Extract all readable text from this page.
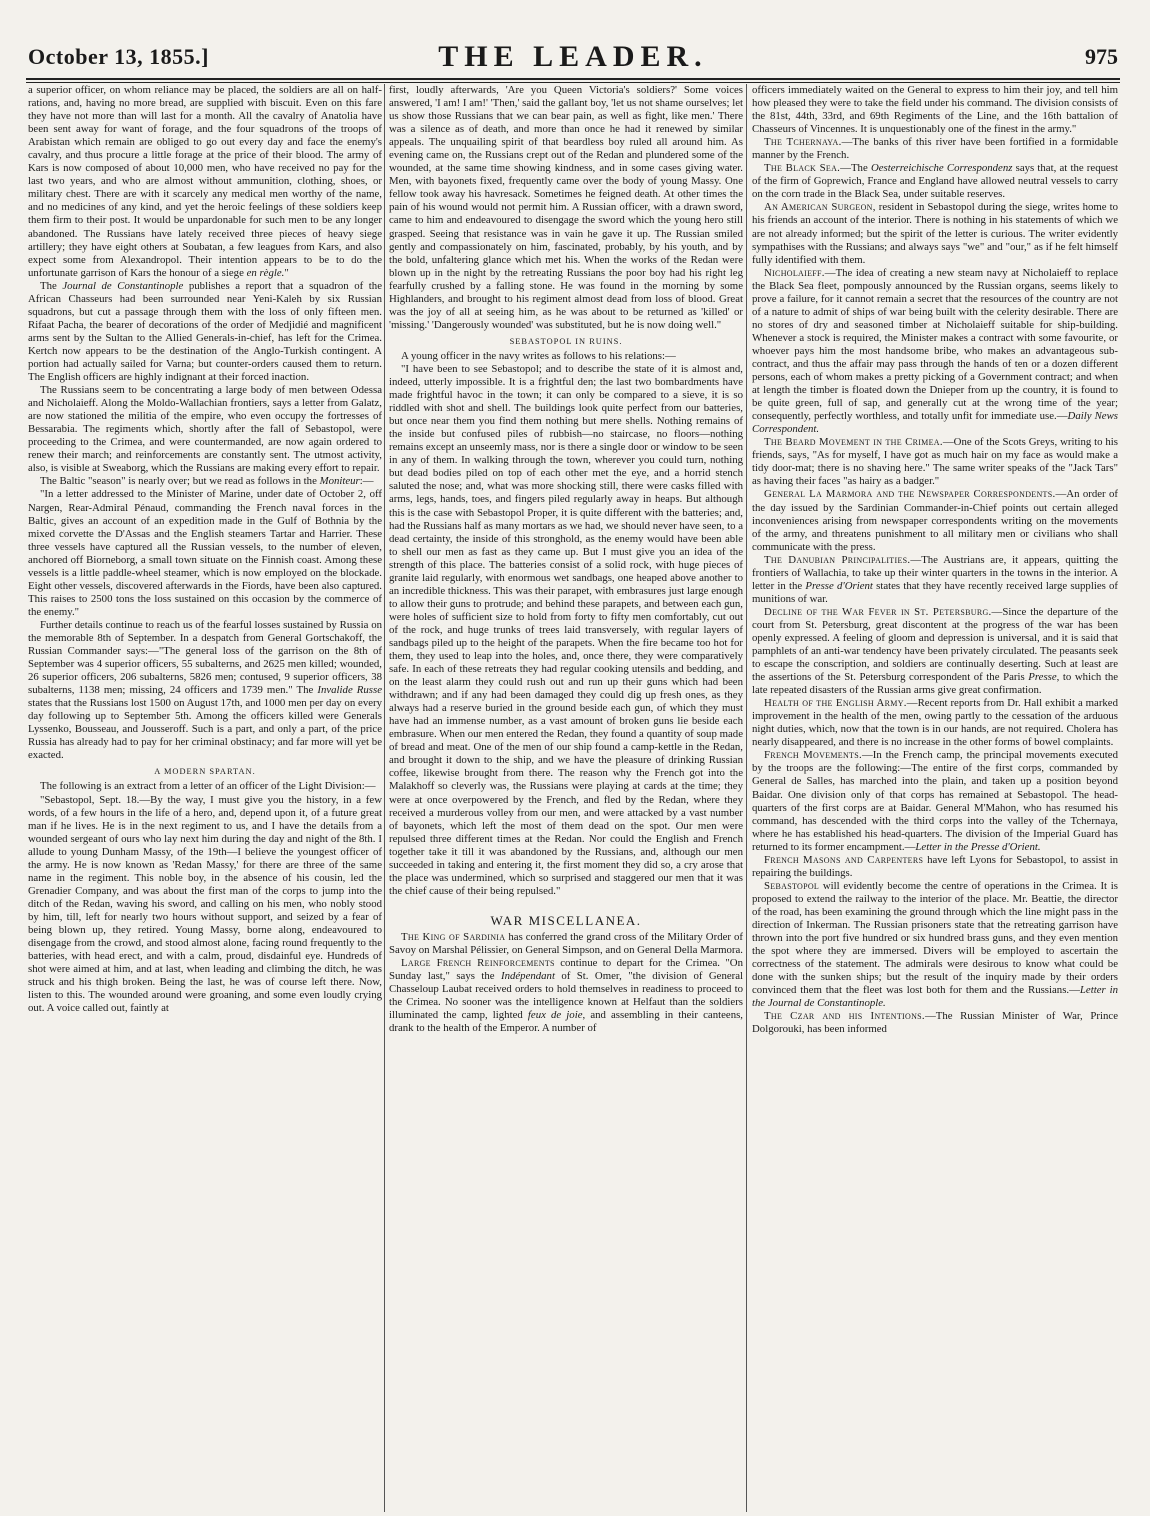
October 13, 1855.]	THE LEADER.	975

a superior officer, on whom reliance may be placed, the soldiers are all on half-rations, and, having no more bread, are supplied with biscuit. Even on this fare they have not more than will last for a month. All the cavalry of Anatolia have been sent away for want of forage, and the four squadrons of the troops of Arabistan which remain are obliged to go out every day and face the enemy's cavalry, and thus procure a little forage at the price of their blood. The army of Kars is now composed of about 10,000 men, who have received no pay for the last two years, and who are almost without ammunition, clothing, shoes, or military chest. There are with it scarcely any medical men worthy of the name, and no medicines of any kind, and yet the heroic feelings of these soldiers keep them firm to their post. It would be unpardonable for such men to be any longer abandoned. The Russians have lately received three pieces of heavy siege artillery; they have eight others at Soubatan, a few leagues from Kars, and also expect some from Alexandropol. Their intention appears to be to do the unfortunate garrison of Kars the honour of a siege en règle."

The Journal de Constantinople publishes a report that a squadron of the African Chasseurs had been surrounded near Yeni-Kaleh by six Russian squadrons, but cut a passage through them with the loss of only fifteen men. Rifaat Pacha, the bearer of decorations of the order of Medjidié and magnificent arms sent by the Sultan to the Allied Generals-in-chief, has left for the Crimea. Kertch now appears to be the destination of the Anglo-Turkish contingent. A portion had actually sailed for Varna; but counter-orders caused them to return. The English officers are highly indignant at their forced inaction.

The Russians seem to be concentrating a large body of men between Odessa and Nicholaieff. Along the Moldo-Wallachian frontiers, says a letter from Galatz, are now stationed the militia of the empire, who even occupy the fortresses of Bessarabia. The regiments which, shortly after the fall of Sebastopol, were proceeding to the Crimea, and were countermanded, are now again ordered to renew their march; and reinforcements are constantly sent. The utmost activity, also, is visible at Sweaborg, which the Russians are making every effort to repair.

The Baltic "season" is nearly over; but we read as follows in the Moniteur:—

"In a letter addressed to the Minister of Marine, under date of October 2, off Nargen, Rear-Admiral Pénaud, commanding the French naval forces in the Baltic, gives an account of an expedition made in the Gulf of Bothnia by the mixed corvette the D'Assas and the English steamers Tartar and Harrier. These three vessels have captured all the Russian vessels, to the number of eleven, anchored off Biorneborg, a small town situate on the Finnish coast. Among these vessels is a little paddle-wheel steamer, which is now employed on the blockade. Eight other vessels, discovered afterwards in the Fiords, have been also captured. This raises to 2500 tons the loss sustained on this occasion by the commerce of the enemy."

Further details continue to reach us of the fearful losses sustained by Russia on the memorable 8th of September. In a despatch from General Gortschakoff, the Russian Commander says:—"The general loss of the garrison on the 8th of September was 4 superior officers, 55 subalterns, and 2625 men killed; wounded, 26 superior officers, 206 subalterns, 5826 men; contused, 9 superior officers, 38 subalterns, 1138 men; missing, 24 officers and 1739 men." The Invalide Russe states that the Russians lost 1500 on August 17th, and 1000 men per day on every day following up to September 5th. Among the officers killed were Generals Lyssenko, Bousseau, and Jousseroff. Such is a part, and only a part, of the price Russia has already had to pay for her criminal obstinacy; and far more will yet be exacted.

A MODERN SPARTAN.

The following is an extract from a letter of an officer of the Light Division:—

"Sebastopol, Sept. 18.—By the way, I must give you the history, in a few words, of a few hours in the life of a hero, and, depend upon it, of a future great man if he lives. He is in the next regiment to us, and I have the details from a wounded sergeant of ours who lay next him during the day and night of the 8th. I allude to young Dunham Massy, of the 19th—I believe the youngest officer of the army. He is now known as 'Redan Massy,' for there are three of the same name in the regiment. This noble boy, in the absence of his cousin, led the Grenadier Company, and was about the first man of the corps to jump into the ditch of the Redan, waving his sword, and calling on his men, who nobly stood by him, till, left for nearly two hours without support, and seized by a fear of being blown up, they retired. Young Massy, borne along, endeavoured to disengage from the crowd, and stood almost alone, facing round frequently to the batteries, with head erect, and with a calm, proud, disdainful eye. Hundreds of shot were aimed at him, and at last, when leading and climbing the ditch, he was struck and his thigh broken. Being the last, he was of course left there. Now, listen to this. The wounded around were groaning, and some even loudly crying out. A voice called out, faintly at

first, loudly afterwards, 'Are you Queen Victoria's soldiers?' Some voices answered, 'I am! I am!' 'Then,' said the gallant boy, 'let us not shame ourselves; let us show those Russians that we can bear pain, as well as fight, like men.' There was a silence as of death, and more than once he had it renewed by similar appeals. The unquailing spirit of that beardless boy ruled all around him. As evening came on, the Russians crept out of the Redan and plundered some of the wounded, at the same time showing kindness, and in some cases giving water. Men, with bayonets fixed, frequently came over the body of young Massy. One fellow took away his havresack. Sometimes he feigned death. At other times the pain of his wound would not permit him. A Russian officer, with a drawn sword, came to him and endeavoured to disengage the sword which the young hero still grasped. Seeing that resistance was in vain he gave it up. The Russian smiled gently and compassionately on him, fascinated, probably, by his youth, and by the bold, unfaltering glance which met his. When the works of the Redan were blown up in the night by the retreating Russians the poor boy had his right leg fearfully crushed by a falling stone. He was found in the morning by some Highlanders, and brought to his regiment almost dead from loss of blood. Great was the joy of all at seeing him, as he was about to be returned as 'killed' or 'missing.' 'Dangerously wounded' was substituted, but he is now doing well."

SEBASTOPOL IN RUINS.

A young officer in the navy writes as follows to his relations:—

"I have been to see Sebastopol; and to describe the state of it is almost and, indeed, utterly impossible. It is a frightful den; the last two bombardments have made frightful havoc in the town; it can only be compared to a sieve, it is so riddled with shot and shell. The buildings look quite perfect from our batteries, but once near them you find them nothing but mere shells. Nothing remains of the inside but confused piles of rubbish—no staircase, no floors—nothing remains except an unseemly mass, nor is there a single door or window to be seen in any of them. In walking through the town, wherever you could turn, nothing but dead bodies piled on top of each other met the eye, and a horrid stench saluted the nose; and, what was more shocking still, there were casks filled with arms, legs, hands, toes, and fingers piled regularly away in heaps. But although this is the case with Sebastopol Proper, it is quite different with the batteries; and, had the Russians half as many mortars as we had, we should never have seen, to a dead certainty, the inside of this stronghold, as the enemy would have been able to shell our men as fast as they came up. But I must give you an idea of the strength of this place. The batteries consist of a solid rock, with huge pieces of granite laid regularly, with enormous wet sandbags, one heaped above another to an incredible thickness. This was their parapet, with embrasures just large enough to allow their guns to protrude; and behind these parapets, and between each gun, were holes of sufficient size to hold from forty to fifty men comfortably, cut out of the rock, and huge trunks of trees laid transversely, with regular layers of sandbags piled up to the height of the parapets. When the fire became too hot for them, they used to leap into the holes, and, once there, they were comparatively safe. In each of these retreats they had regular cooking utensils and bedding, and on the least alarm they could rush out and run up their guns which had been withdrawn; and if any had been damaged they could dig up fresh ones, as they always had a reserve buried in the ground beside each gun, of which they must have had an immense number, as a vast amount of broken guns lie beside each embrasure. When our men entered the Redan, they found a quantity of soup made of bread and meat. One of the men of our ship found a camp-kettle in the Redan, and brought it down to the ship, and we have the pleasure of drinking Russian coffee, likewise brought from there. The reason why the French got into the Malakhoff so cleverly was, the Russians were playing at cards at the time; they were at once overpowered by the French, and fled by the Redan, where they received a murderous volley from our men, and were attacked by a vast number of bayonets, which left the most of them dead on the spot. Our men were repulsed three different times at the Redan. Nor could the English and French together take it till it was abandoned by the Russians, and, although our men succeeded in taking and entering it, the first moment they did so, a cry arose that the place was undermined, which so surprised and staggered our men that it was the chief cause of their being repulsed."

WAR MISCELLANEA.

The King of Sardinia has conferred the grand cross of the Military Order of Savoy on Marshal Pélissier, on General Simpson, and on General Della Marmora.

Large French Reinforcements continue to depart for the Crimea. "On Sunday last," says the Indépendant of St. Omer, "the division of General Chasseloup Laubat received orders to hold themselves in readiness to proceed to the Crimea. No sooner was the intelligence known at Helfaut than the soldiers illuminated the camp, lighted feux de joie, and assembling in their canteens, drank to the health of the Emperor. A number of

officers immediately waited on the General to express to him their joy, and tell him how pleased they were to take the field under his command. The division consists of the 81st, 44th, 33rd, and 69th Regiments of the Line, and the 16th battalion of Chasseurs of Vincennes. It is unquestionably one of the finest in the army."

The Tchernaya.—The banks of this river have been fortified in a formidable manner by the French.

The Black Sea.—The Oesterreichische Correspondenz says that, at the request of the firm of Goprewich, France and England have allowed neutral vessels to carry on the corn trade in the Black Sea, under suitable reserves.

An American Surgeon, resident in Sebastopol during the siege, writes home to his friends an account of the interior. There is nothing in his statements of which we are not already informed; but the spirit of the letter is curious. The writer evidently sympathises with the Russians; and always says "we" and "our," as if he felt himself fully identified with them.

Nicholaieff.—The idea of creating a new steam navy at Nicholaieff to replace the Black Sea fleet, pompously announced by the Russian organs, seems likely to prove a failure, for it cannot remain a secret that the resources of the country are not of a nature to admit of ships of war being built with the celerity desirable. There are no stores of dry and seasoned timber at Nicholaieff suitable for ship-building. Whenever a stock is required, the Minister makes a contract with some favourite, or whoever pays him the most handsome bribe, who makes an advantageous sub-contract, and thus the affair may pass through the hands of ten or a dozen different persons, each of whom makes a pretty picking of a Government contract; and when at length the timber is floated down the Dnieper from up the country, it is found to be quite green, full of sap, and generally cut at the wrong time of the year; consequently, perfectly worthless, and totally unfit for immediate use.—Daily News Correspondent.

The Beard Movement in the Crimea.—One of the Scots Greys, writing to his friends, says, "As for myself, I have got as much hair on my face as would make a tidy door-mat; there is no shaving here." The same writer speaks of the "Jack Tars" as having their faces "as hairy as a badger."

General La Marmora and the Newspaper Correspondents.—An order of the day issued by the Sardinian Commander-in-Chief points out certain alleged inconveniences arising from newspaper correspondents writing on the movements of the army, and threatens punishment to all military men or civilians who shall communicate with the press.

The Danubian Principalities.—The Austrians are, it appears, quitting the frontiers of Wallachia, to take up their winter quarters in the towns in the interior. A letter in the Presse d'Orient states that they have recently received large supplies of munitions of war.

Decline of the War Fever in St. Petersburg.—Since the departure of the court from St. Petersburg, great discontent at the progress of the war has been openly expressed. A feeling of gloom and depression is universal, and it is said that pamphlets of an anti-war tendency have been privately circulated. The peasants seek to escape the conscription, and soldiers are continually deserting. Such at least are the assertions of the St. Petersburg correspondent of the Paris Presse, to which the late repeated disasters of the Russian arms give great confirmation.

Health of the English Army.—Recent reports from Dr. Hall exhibit a marked improvement in the health of the men, owing partly to the cessation of the arduous night duties, which, now that the town is in our hands, are not required. Cholera has nearly disappeared, and there is no increase in the other forms of bowel complaints.

French Movements.—In the French camp, the principal movements executed by the troops are the following:—The entire of the first corps, commanded by General de Salles, has marched into the plain, and taken up a position beyond Baidar. One division only of that corps has remained at Sebastopol. The head-quarters of the first corps are at Baidar. General M'Mahon, who has resumed his command, has descended with the third corps into the valley of the Tchernaya, where he has established his head-quarters. The division of the Imperial Guard has returned to its former encampment.—Letter in the Presse d'Orient.

French Masons and Carpenters have left Lyons for Sebastopol, to assist in repairing the buildings.

Sebastopol will evidently become the centre of operations in the Crimea. It is proposed to extend the railway to the interior of the place. Mr. Beattie, the director of the road, has been examining the ground through which the line might pass in the direction of Inkerman. The Russian prisoners state that the retreating garrison have thrown into the port five hundred or six hundred brass guns, and they even mention the spot where they are immersed. Divers will be employed to ascertain the correctness of the statement. The admirals were desirous to know what could be done with the sunken ships; but the result of the inquiry made by their orders convinced them that the fleet was lost both for them and the Russians.—Letter in the Journal de Constantinople.

The Czar and his Intentions.—The Russian Minister of War, Prince Dolgorouki, has been informed
